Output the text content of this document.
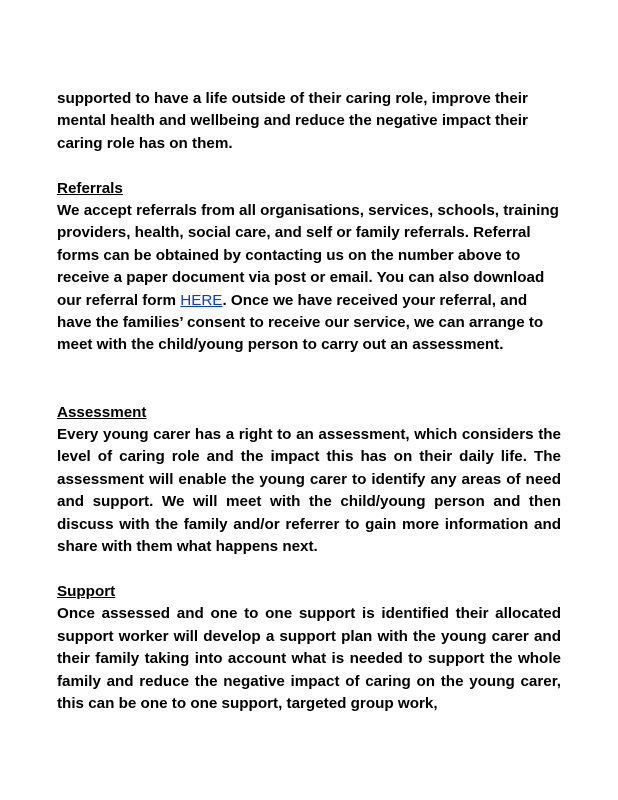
supported to have a life outside of their caring role, improve their mental health and wellbeing and reduce the negative impact their caring role has on them.

Referrals

We accept referrals from all organisations, services, schools, training providers, health, social care, and self or family referrals. Referral forms can be obtained by contacting us on the number above to receive a paper document via post or email. You can also download our referral form HERE. Once we have received your referral, and have the families’ consent to receive our service, we can arrange to meet with the child/young person to carry out an assessment.

Assessment

Every young carer has a right to an assessment, which considers the level of caring role and the impact this has on their daily life. The assessment will enable the young carer to identify any areas of need and support. We will meet with the child/young person and then discuss with the family and/or referrer to gain more information and share with them what happens next.

Support

Once assessed and one to one support is identified their allocated support worker will develop a support plan with the young carer and their family taking into account what is needed to support the whole family and reduce the negative impact of caring on the young carer, this can be one to one support, targeted group work,
